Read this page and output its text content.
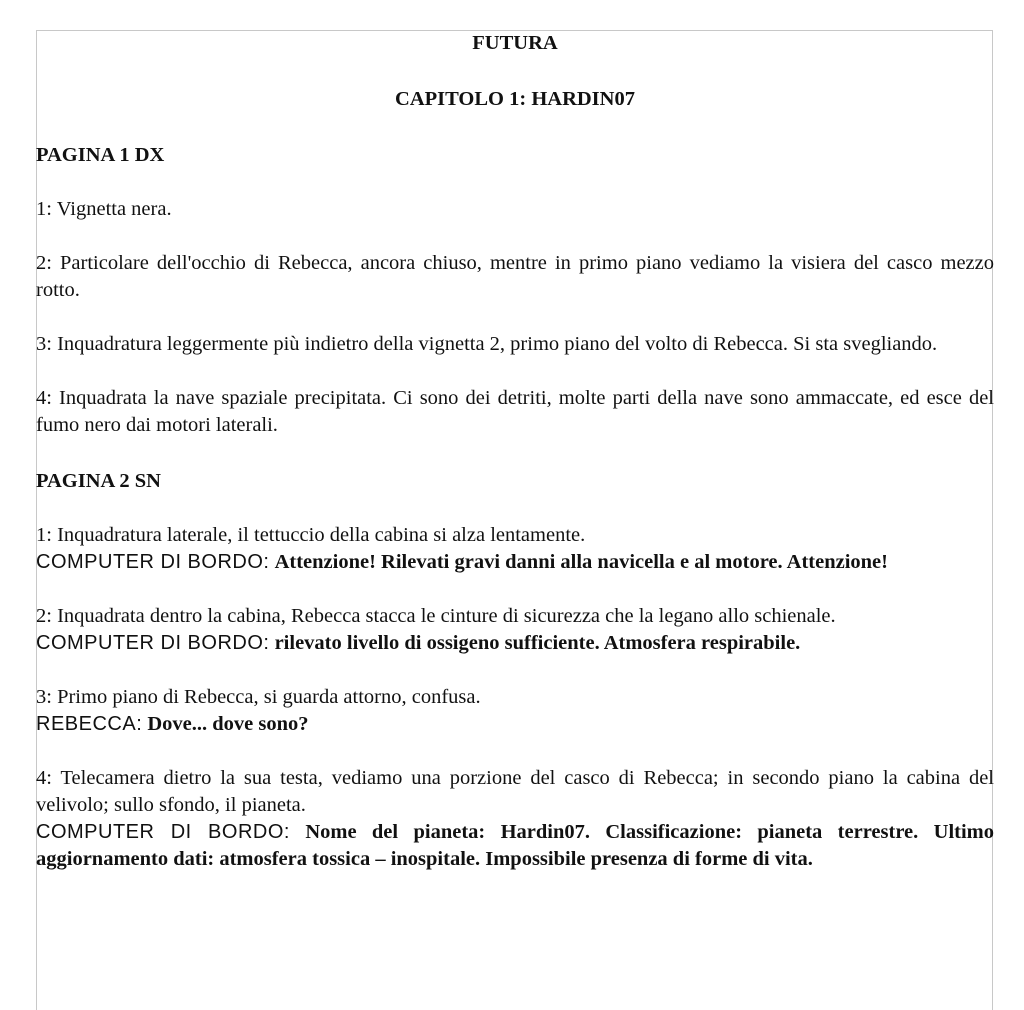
FUTURA

CAPITOLO 1: HARDIN07

PAGINA 1 DX

1: Vignetta nera.

2: Particolare dell'occhio di Rebecca, ancora chiuso, mentre in primo piano vediamo la visiera del casco mezzo rotto.

3: Inquadratura leggermente più indietro della vignetta 2, primo piano del volto di Rebecca. Si sta svegliando.

4: Inquadrata la nave spaziale precipitata. Ci sono dei detriti, molte parti della nave sono ammaccate, ed esce del fumo nero dai motori laterali.

PAGINA 2 SN

1: Inquadratura laterale, il tettuccio della cabina si alza lentamente.

COMPUTER DI BORDO: Attenzione! Rilevati gravi danni alla navicella e al motore. Attenzione!

2: Inquadrata dentro la cabina, Rebecca stacca le cinture di sicurezza che la legano allo schienale.

COMPUTER DI BORDO: rilevato livello di ossigeno sufficiente. Atmosfera respirabile.

3: Primo piano di Rebecca, si guarda attorno, confusa.

REBECCA: Dove... dove sono?

4: Telecamera dietro la sua testa, vediamo una porzione del casco di Rebecca; in secondo piano la cabina del velivolo; sullo sfondo, il pianeta.

COMPUTER DI BORDO: Nome del pianeta: Hardin07. Classificazione: pianeta terrestre. Ultimo aggiornamento dati: atmosfera tossica – inospitale. Impossibile presenza di forme di vita.
